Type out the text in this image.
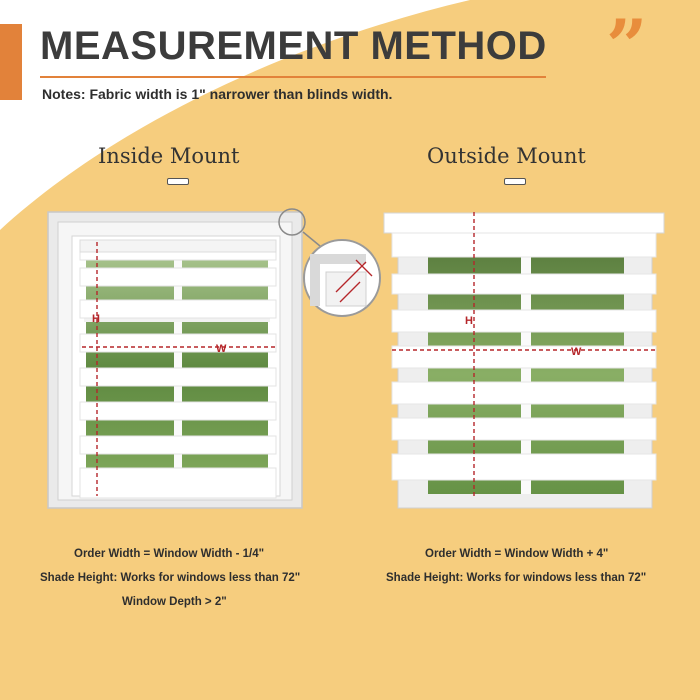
MEASUREMENT METHOD ”
Notes: Fabric width is 1" narrower than blinds width.
Inside Mount	Outside Mount
H
W
H
W
Order Width = Window Width - 1/4"
Shade Height: Works for windows less than 72"
Window Depth > 2"
Order Width = Window Width + 4"
Shade Height: Works for windows less than 72"
